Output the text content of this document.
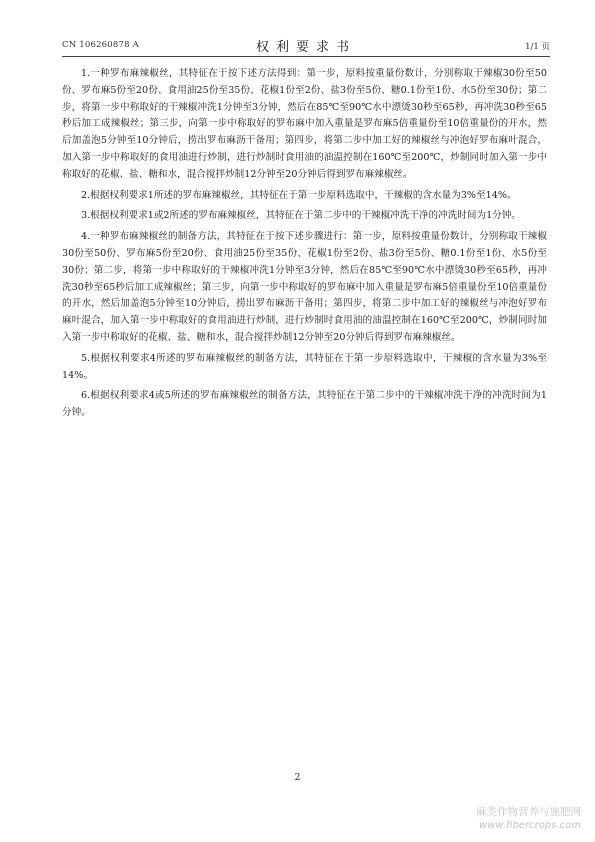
CN 106260878 A	权利要求书	1/1 页

1.一种罗布麻辣椒丝，其特征在于按下述方法得到：第一步，原料按重量份数计，分别称取干辣椒30份至50份、罗布麻5份至20份、食用油25份至35份、花椒1份至2份、盐3份至5份、糖0.1份至1份、水5份至30份；第二步，将第一步中称取好的干辣椒冲洗1分钟至3分钟，然后在85℃至90℃水中漂烫30秒至65秒，再冲洗30秒至65秒后加工成辣椒丝；第三步，向第一步中称取好的罗布麻中加入重量是罗布麻5倍重量份至10倍重量份的开水，然后加盖泡5分钟至10分钟后，捞出罗布麻沥干备用；第四步，将第二步中加工好的辣椒丝与冲泡好罗布麻叶混合，加入第一步中称取好的食用油进行炒制，进行炒制时食用油的油温控制在160℃至200℃，炒制同时加入第一步中称取好的花椒、盐、糖和水，混合搅拌炒制12分钟至20分钟后得到罗布麻辣椒丝。

2.根据权利要求1所述的罗布麻辣椒丝，其特征在于第一步原料选取中，干辣椒的含水量为3%至14%。

3.根据权利要求1或2所述的罗布麻辣椒丝，其特征在于第二步中的干辣椒冲洗干净的冲洗时间为1分钟。

4.一种罗布麻辣椒丝的制备方法，其特征在于按下述步骤进行：第一步，原料按重量份数计，分别称取干辣椒30份至50份、罗布麻5份至20份、食用油25份至35份、花椒1份至2份、盐3份至5份、糖0.1份至1份、水5份至30份；第二步，将第一步中称取好的干辣椒冲洗1分钟至3分钟，然后在85℃至90℃水中漂烫30秒至65秒，再冲洗30秒至65秒后加工成辣椒丝；第三步，向第一步中称取好的罗布麻中加入重量是罗布麻5倍重量份至10倍重量份的开水，然后加盖泡5分钟至10分钟后，捞出罗布麻沥干备用；第四步，将第二步中加工好的辣椒丝与冲泡好罗布麻叶混合，加入第一步中称取好的食用油进行炒制，进行炒制时食用油的油温控制在160℃至200℃，炒制同时加入第一步中称取好的花椒、盐、糖和水，混合搅拌炒制12分钟至20分钟后得到罗布麻辣椒丝。

5.根据权利要求4所述的罗布麻辣椒丝的制备方法，其特征在于第一步原料选取中，干辣椒的含水量为3%至14%。

6.根据权利要求4或5所述的罗布麻辣椒丝的制备方法，其特征在于第二步中的干辣椒冲洗干净的冲洗时间为1分钟。

2
麻类作物营养与施肥网
www.fibercrops.com
